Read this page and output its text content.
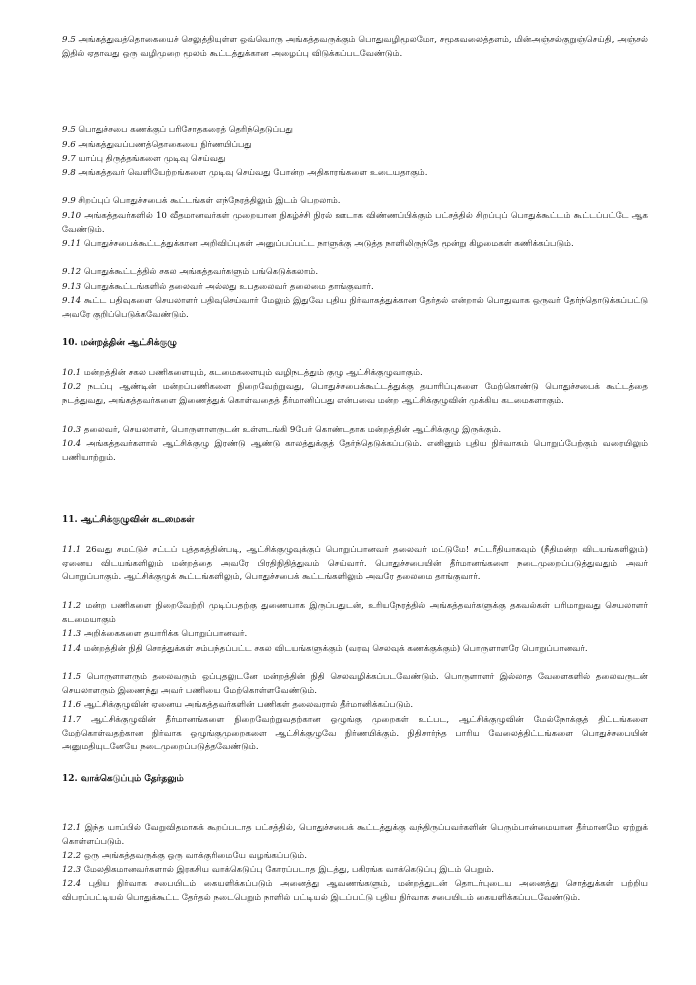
9.5 அங்கத்துவத்தொகையைச் செலுத்தியுள்ள ஒவ்வொரு அங்கத்தவருக்கும் பொதுவழிமூலமோ, சமூகவலைத்தளம், மின்அஞ்சல்குறுஞ்செய்தி, அஞ்சல் இதில் ஏதாவது ஒரு வழிமுறை மூலம் கூட்டத்துக்கான அழைப்பு விடுக்கப்படவேண்டும்.

9.5 பொதுச்சபை கணக்குப் பரிசோதகரைத் தெரிந்தெடுப்பது

9.6 அங்கத்துவப்பணத்தொகையை நிர்ணயிப்பது

9.7 யாப்பு திருத்தங்களை முடிவு செய்வது

9.8 அங்கத்தவர் வெளியேற்றங்களை முடிவு செய்வது போன்ற அதிகாரங்களை உடையதாகும்.

9.9 சிறப்புப் பொதுச்சபைக் கூட்டங்கள் எந்நேரத்திலும் இடம் பெறலாம்.

9.10 அங்கத்தவர்களில் 10 வீதமானவர்கள் முறையான நிகழ்ச்சி நிரல் ஊடாக விண்ணப்பிக்கும் பட்சத்தில் சிறப்புப் பொதுக்கூட்டம் கூட்டப்பட்டே ஆக வேண்டும்.

9.11 பொதுச்சபைக்கூட்டத்துக்கான அறிவிப்புகள் அனுப்பப்பட்ட நாளுக்கு அடுத்த நாளிலிருந்தே மூன்று கிழமைகள் கணிக்கப்படும்.

9.12 பொதுக்கூட்டத்தில் சகல அங்கத்தவர்களும் பங்கெடுக்கலாம்.

9.13 பொதுக்கூட்டங்களில் தலைவர் அல்லது உபதலைவர் தலைமை தாங்குவார்.

9.14 கூட்ட பதிவுகளை செயலாளர் பதிவுசெய்வார் மேலும் இதுவே புதிய நிர்வாகத்துக்கான தேர்தல் என்றால் பொதுவாக ஒருவர் தேர்ந்தொடுக்கப்பட்டு அவரே குறிப்பெடுக்கவேண்டும்.

10. மன்றத்தின் ஆட்சிக்குழு

10.1 மன்றத்தின் சகல பணிகளையும், கடமைகளையும் வழிநடத்தும் குழு ஆட்சிக்குழுவாகும்.

10.2 நடப்பு ஆண்டின் மன்றப்பணிகளை நிறைவேற்றுவது, பொதுச்சபைக்கூட்டத்துக்கு தயாரிப்புகளை மேற்கொண்டு பொதுச்சபைக் கூட்டத்தை நடத்துவது, அங்கத்தவர்களை இணைத்துக் கொள்வதைத் தீர்மானிப்பது என்பவை மன்ற ஆட்சிக்குழுவின் முக்கிய கடமைகளாகும்.

10.3 தலைவர், செயலாளர், பொருளாளருடன் உள்ளடங்கி 9பேர் கொண்டதாக மன்றத்தின் ஆட்சிக்குழு இருக்கும்.

10.4 அங்கத்தவர்களால் ஆட்சிக்குழு இரண்டு ஆண்டு காலத்துக்குத் தேர்ந்தெடுக்கப்படும். எனினும் புதிய நிர்வாகம் பொறுப்பேற்கும் வரையிலும் பணியாற்றும்.

11. ஆட்சிக்குழுவின் கடமைகள்

11.1 26வது சமட்டுச் சட்டப் புத்தகத்தின்படி, ஆட்சிக்குழுவுக்குப் பொறுப்பானவர் தலைவர் மட்டுமே! சட்டரீதியாகவும் (நீதிமன்ற விடயங்களிலும்) ஏனைய விடயங்களிலும் மன்றத்தை அவரே பிரதிநிதித்துவம் செய்வார். பொதுச்சபையின் தீர்மானங்களை நடைமுறைப்படுத்துவதும் அவர் பொறுப்பாகும். ஆட்சிக்குழுக் கூட்டங்களிலும், பொதுச்சபைக் கூட்டங்களிலும் அவரே தலைமை தாங்குவார்.

11.2 மன்ற பணிகளை நிறைவேற்றி முடிப்பதற்கு துணையாக இருப்பதுடன், உரியநேரத்தில் அங்கத்தவர்களுக்கு தகவல்கள் பரிமாறுவது செயலாளர் கடமையாகும்

11.3 அறிக்கைகளை தயாரிக்க பொறுப்பானவர்.

11.4 மன்றத்தின் நிதி சொத்துக்கள் சம்பந்தப்பட்ட சகல விடயங்களுக்கும் (வரவு செலவுக் கணக்குக்கும்) பொருளாளரே பொறுப்பானவர்.

11.5 பொருளாளரும் தலைவரும் ஒப்புதலுடனே மன்றத்தின் நிதி செலவழிக்கப்படவேண்டும். பொருளாளர் இல்லாத வேளைகளில் தலைவருடன் செயலாளரும் இணைந்து அவர் பணியை மேற்கொள்ளவேண்டும்.

11.6 ஆட்சிக்குழுவின் ஏனைய அங்கத்தவர்களின் பணிகள் தலைவரால் தீர்மானிக்கப்படும்.

11.7 ஆட்சிக்குழுவின் தீர்மானங்களை நிறைவேற்றுவதற்கான ஒழுங்கு முறைகள் உட்பட, ஆட்சிக்குழுவின் மேல்நோக்குத் திட்டங்களை மேற்கொள்வதற்கான நிர்வாக ஒழுங்குமுறைகளை ஆட்சிக்குழுவே நிர்ணயிக்கும். நிதிசார்ந்த பாரிய வேலைத்திட்டங்களை பொதுச்சபையின் அனுமதியுடனேயே நடைமுறைப்படுத்தவேண்டும்.

12. வாக்கெடுப்பும் தேர்தலும்

12.1 இந்த யாப்பில் வேறுவிதமாகக் கூறப்படாத பட்சத்தில், பொதுச்சபைக் கூட்டத்துக்கு வந்திருப்பவர்களின் பெரும்பான்மையான தீர்மானமே ஏற்றுக் கொள்ளப்படும்.

12.2 ஒரு அங்கத்தவருக்கு ஒரு வாக்குரிமையே வழங்கப்படும்.

12.3 மேலதிகமானவர்களால் இரகசிய வாக்கெடுப்பு கோரப்படாத இடத்து, பகிரங்க வாக்கெடுப்பு இடம் பெறும்.

12.4 புதிய நிர்வாக சபையிடம் கையளிக்கப்படும் அனைத்து ஆவணங்களும், மன்றத்துடன் தொடர்புடைய அனைத்து சொத்துக்கள் பற்றிய விபரப்பட்டியல் பொதுக்கூட்ட தேர்தல் நடைபெறும் நாளில் பட்டியல் இடப்பட்டு புதிய நிர்வாக சபையிடம் கையளிக்கப்படவேண்டும்.
